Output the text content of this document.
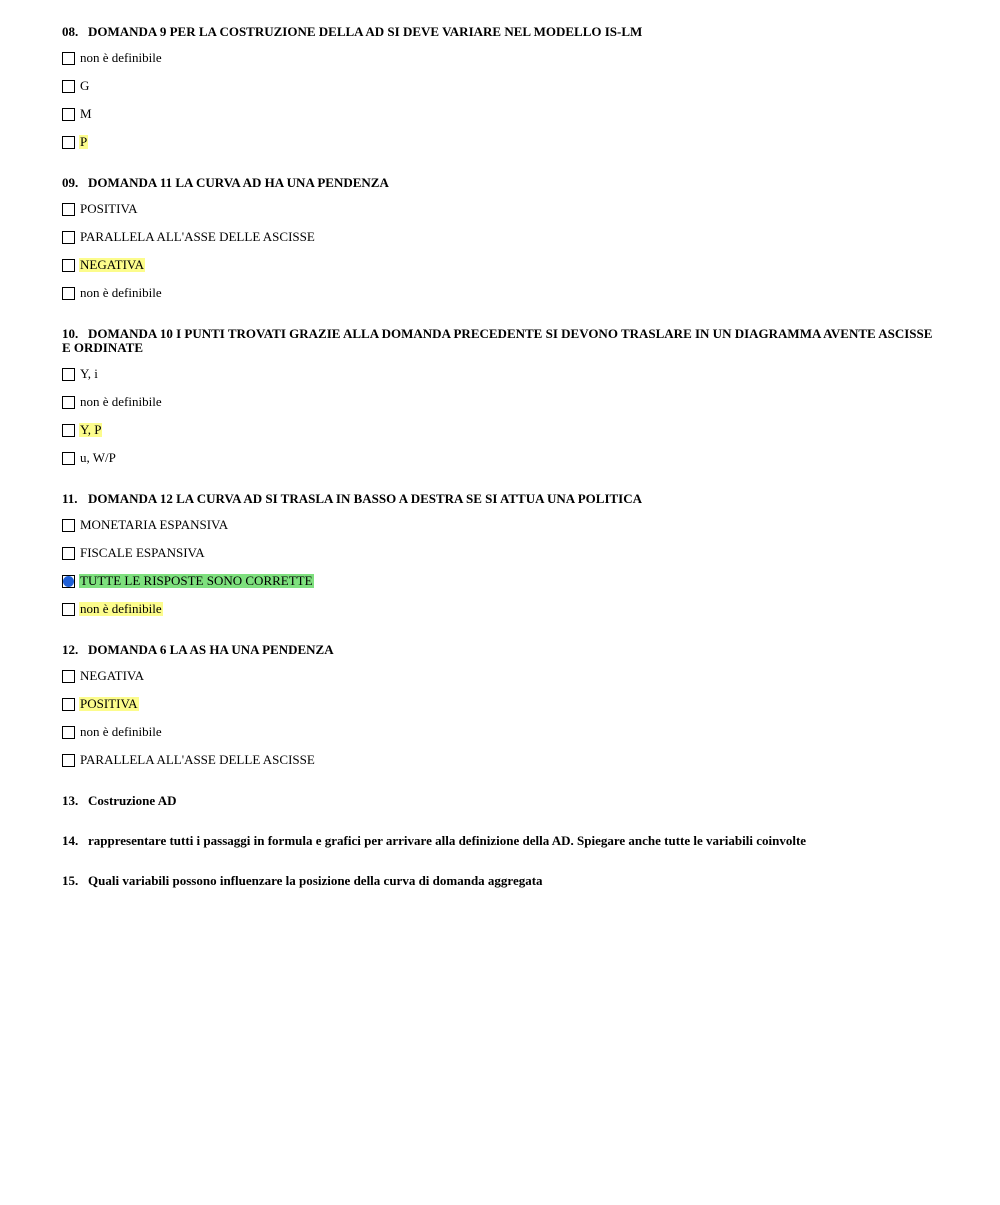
08. DOMANDA 9 PER LA COSTRUZIONE DELLA AD SI DEVE VARIARE NEL MODELLO IS-LM
non è definibile
G
M
P
09. DOMANDA 11 LA CURVA AD HA UNA PENDENZA
POSITIVA
PARALLELA ALL'ASSE DELLE ASCISSE
NEGATIVA
non è definibile
10. DOMANDA 10 I PUNTI TROVATI GRAZIE ALLA DOMANDA PRECEDENTE SI DEVONO TRASLARE IN UN DIAGRAMMA AVENTE ASCISSE E ORDINATE
Y, i
non è definibile
Y, P
u, W/P
11. DOMANDA 12 LA CURVA AD SI TRASLA IN BASSO A DESTRA SE SI ATTUA UNA POLITICA
MONETARIA ESPANSIVA
FISCALE ESPANSIVA
TUTTE LE RISPOSTE SONO CORRETTE
non è definibile
12. DOMANDA 6 LA AS HA UNA PENDENZA
NEGATIVA
POSITIVA
non è definibile
PARALLELA ALL'ASSE DELLE ASCISSE
13. Costruzione AD
14. rappresentare tutti i passaggi in formula e grafici per arrivare alla definizione della AD. Spiegare anche tutte le variabili coinvolte
15. Quali variabili possono influenzare la posizione della curva di domanda aggregata
